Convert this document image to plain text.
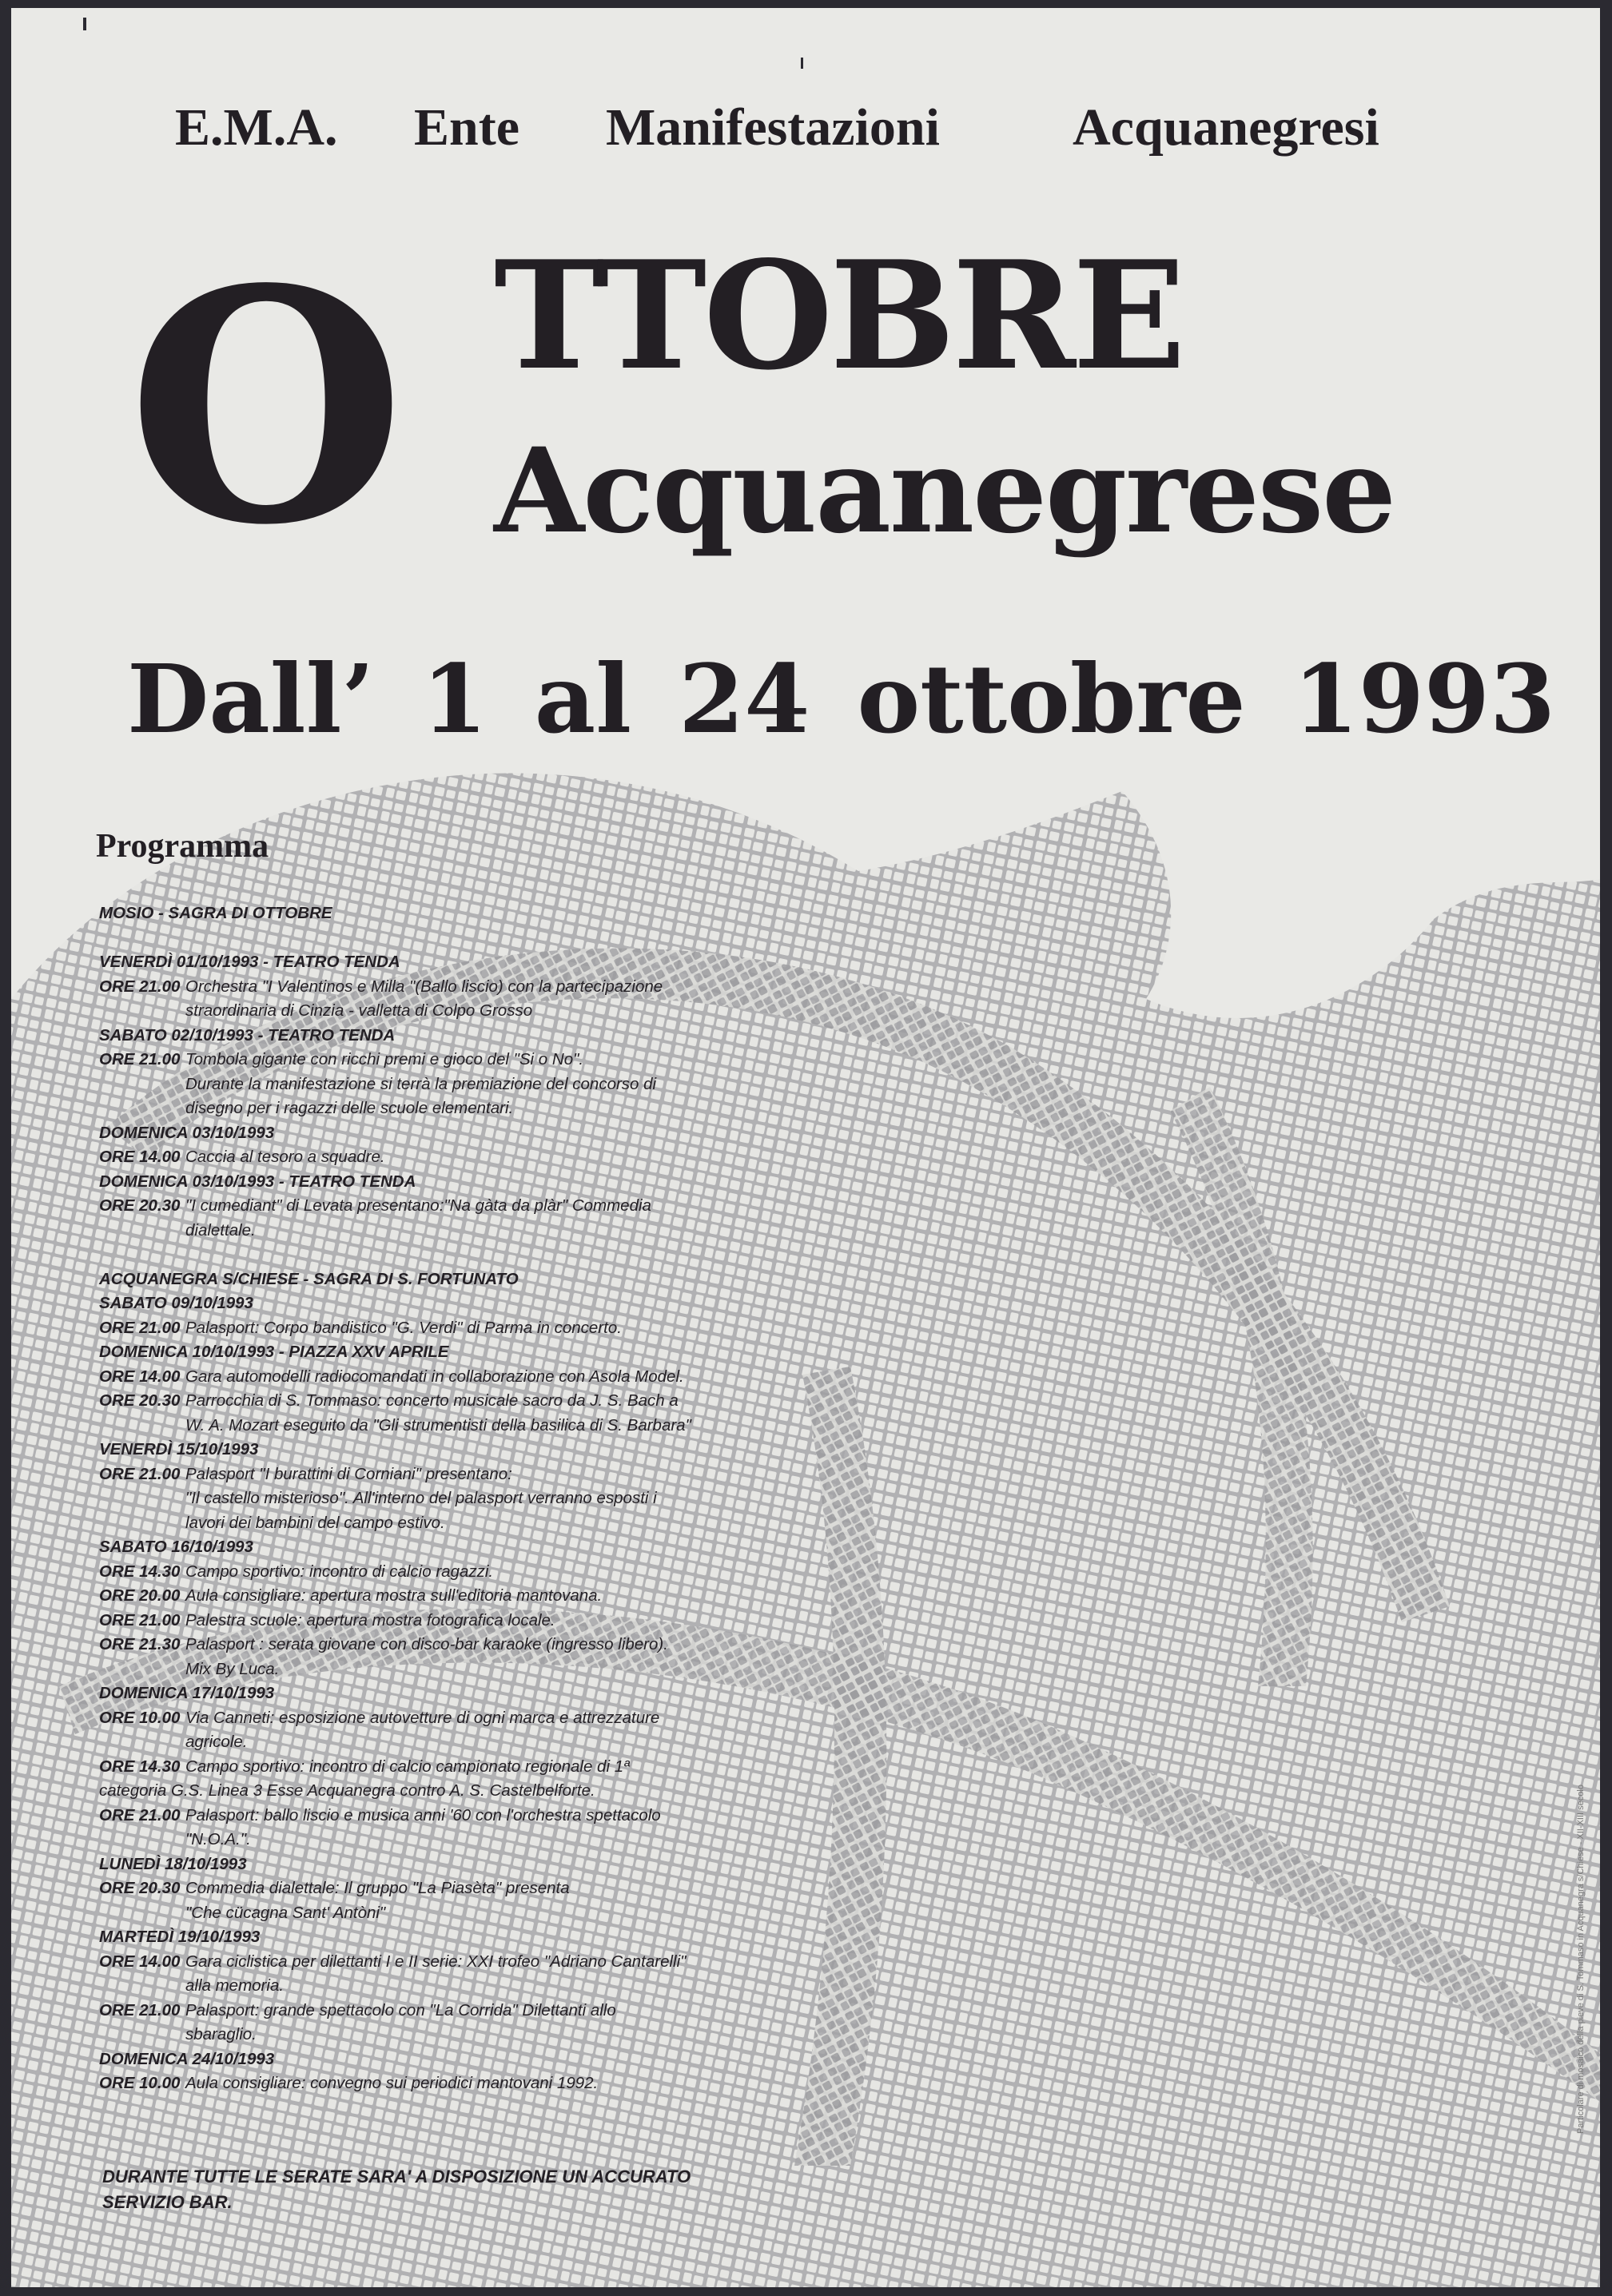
E.M.A. Ente Manifestazioni	Acquanegresi
O TTOBRE
Acquanegrese
Dall’ 1 al 24 ottobre 1993
Programma
MOSIO - SAGRA DI OTTOBRE
VENERDÌ 01/10/1993 - TEATRO TENDA
ORE 21.00 Orchestra "I Valentinos e Milla "(Ballo liscio) con la partecipazione
straordinaria di Cinzia - valletta di Colpo Grosso
SABATO 02/10/1993 - TEATRO TENDA
ORE 21.00 Tombola gigante con ricchi premi e gioco del "Si o No".
Durante la manifestazione si terrà la premiazione del concorso di
disegno per i ragazzi delle scuole elementari.
DOMENICA 03/10/1993
ORE 14.00 Caccia al tesoro a squadre.
DOMENICA 03/10/1993 - TEATRO TENDA
ORE 20.30 "I cumediant" di Levata presentano:"Na gàta da plàr" Commedia
dialettale.
ACQUANEGRA S/CHIESE - SAGRA DI S. FORTUNATO
SABATO 09/10/1993
ORE 21.00 Palasport: Corpo bandistico "G. Verdi" di Parma in concerto.
DOMENICA 10/10/1993 - PIAZZA XXV APRILE
ORE 14.00 Gara automodelli radiocomandati in collaborazione con Asola Model.
ORE 20.30 Parrocchia di S. Tommaso: concerto musicale sacro da J. S. Bach a
W. A. Mozart eseguito da "Gli strumentisti della basilica di S. Barbara"
VENERDÌ 15/10/1993
ORE 21.00 Palasport "I burattini di Corniani" presentano:
"Il castello misterioso". All'interno del palasport verranno esposti i
lavori dei bambini del campo estivo.
SABATO 16/10/1993
ORE 14.30 Campo sportivo: incontro di calcio ragazzi.
ORE 20.00 Aula consigliare: apertura mostra sull'editoria mantovana.
ORE 21.00 Palestra scuole: apertura mostra fotografica locale.
ORE 21.30 Palasport : serata giovane con disco-bar karaoke (ingresso libero).
Mix By Luca.
DOMENICA 17/10/1993
ORE 10.00 Via Canneti: esposizione autovetture di ogni marca e attrezzature
agricole.
ORE 14.30 Campo sportivo: incontro di calcio campionato regionale di 1ª
categoria G.S. Linea 3 Esse Acquanegra contro A. S. Castelbelforte.
ORE 21.00 Palasport: ballo liscio e musica anni '60 con l'orchestra spettacolo
"N.O.A.".
LUNEDÌ 18/10/1993
ORE 20.30 Commedia dialettale: Il gruppo "La Piasèta" presenta
"Che cücagna Sant' Antòni"
MARTEDÌ 19/10/1993
ORE 14.00 Gara ciclistica per dilettanti I e II serie: XXI trofeo "Adriano Cantarelli"
alla memoria.
ORE 21.00 Palasport: grande spettacolo con "La Corrida" Dilettanti allo
sbaraglio.
DOMENICA 24/10/1993
ORE 10.00 Aula consigliare: convegno sui periodici mantovani 1992.
DURANTE TUTTE LE SERATE SARA' A DISPOSIZIONE UN ACCURATO
SERVIZIO BAR.
Particolare di mosaico della pieve di S. Tommaso in Acquanegra s/Chiese - XII-XIII secolo
